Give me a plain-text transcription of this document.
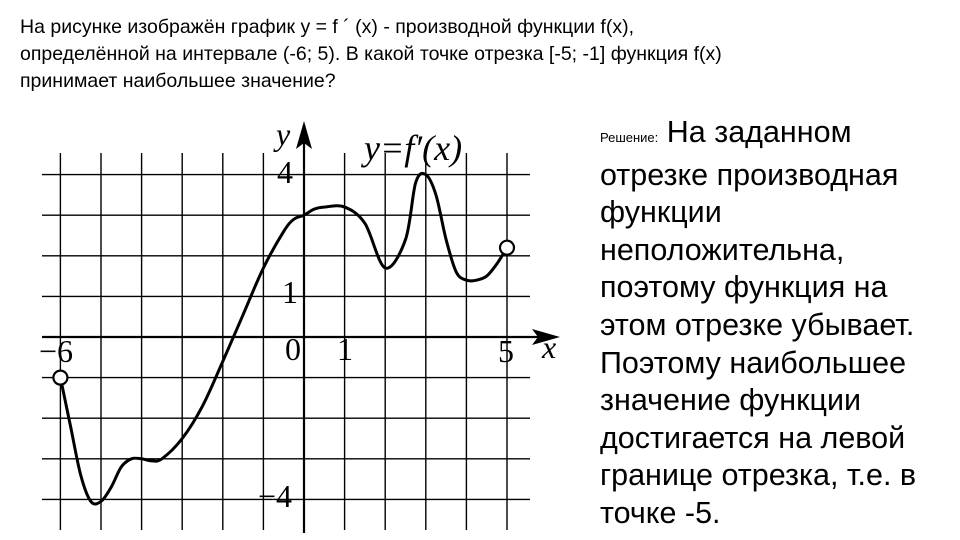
На рисунке изображён график у = f ´ (х) - производной функции f(x),
определённой на интервале (-6; 5). В какой точке отрезка [-5; -1] функция f(x)
принимает наибольшее значение?
y=f′(x)
y
x
4
1
−4
−6	0 1	5
Решение: На заданном
отрезке производная
функции
неположительна,
поэтому функция на
этом отрезке убывает.
Поэтому наибольшее
значение функции
достигается на левой
границе отрезка, т.е. в
точке -5.
